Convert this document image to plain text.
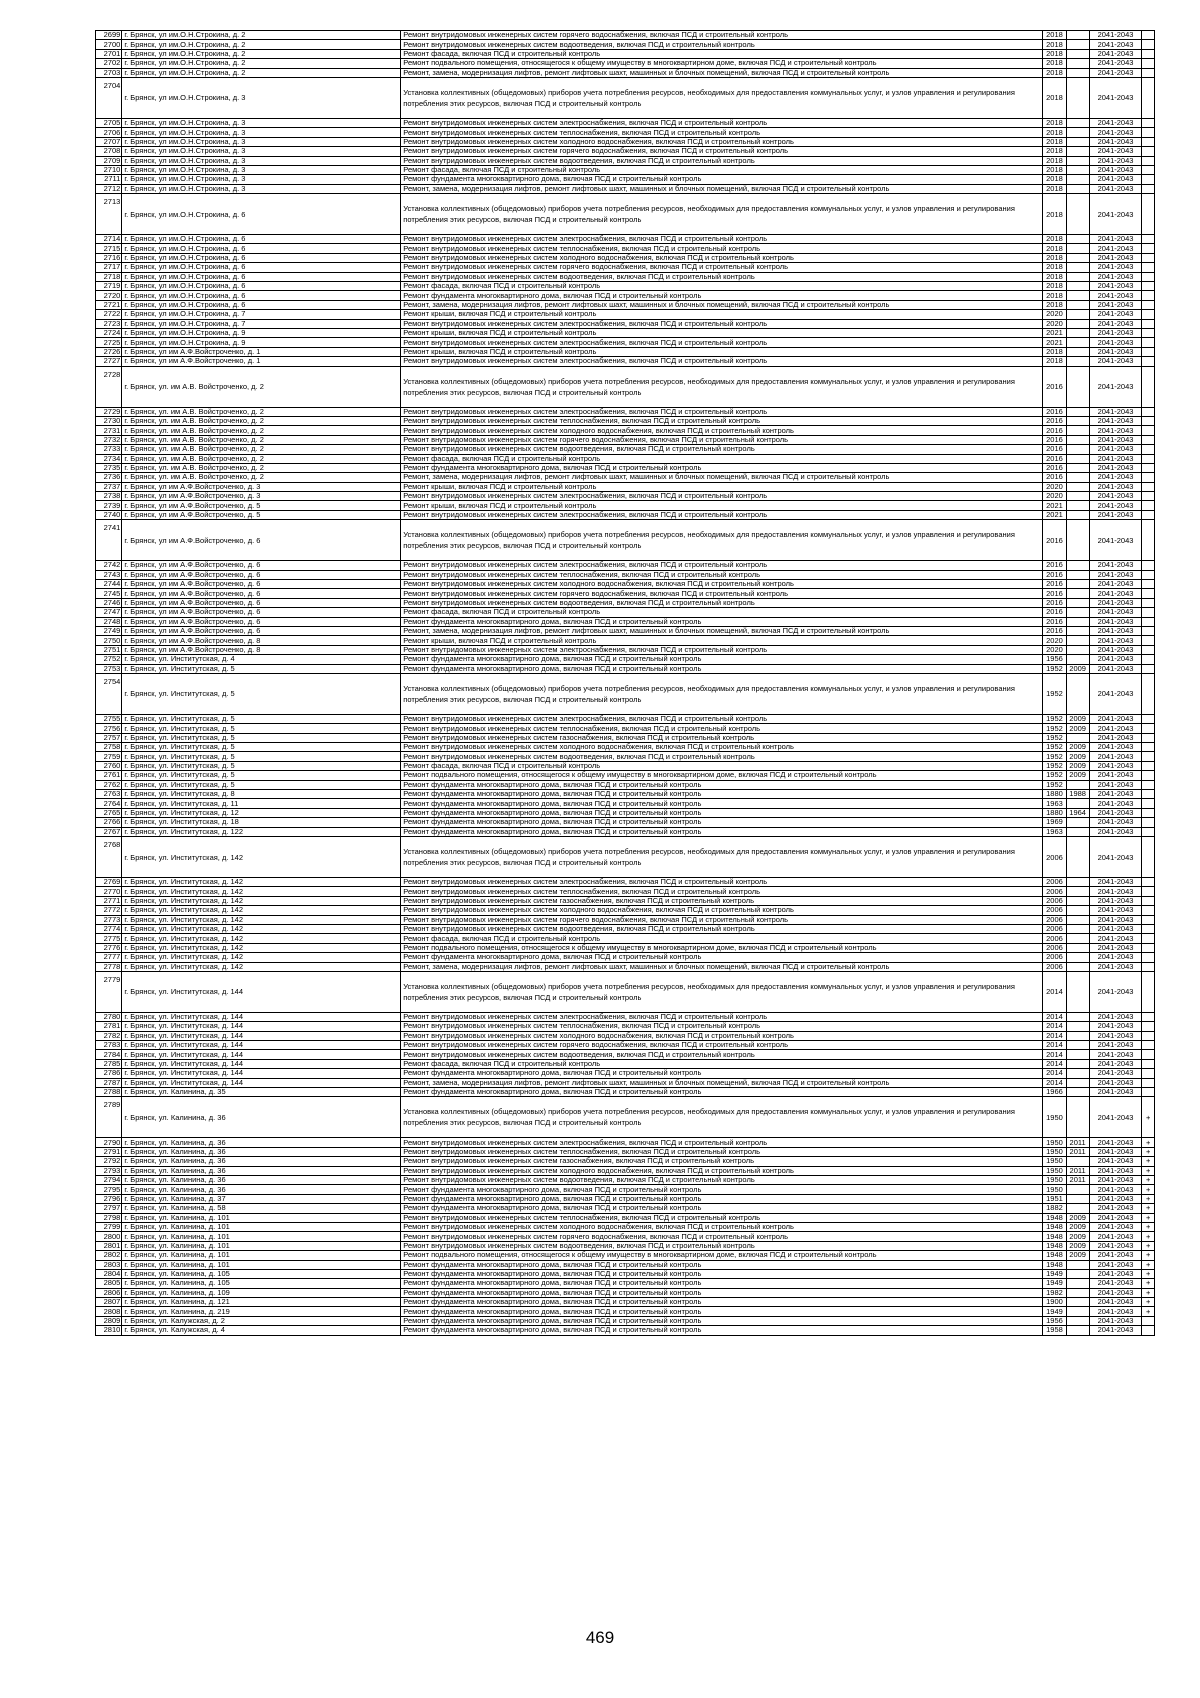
2699	г. Брянск, ул им.О.Н.Строкина, д. 2	Ремонт внутридомовых инженерных систем горячего водоснабжения, включая ПСД и строительный контроль	2018		2041-2043	
2700	г. Брянск, ул им.О.Н.Строкина, д. 2	Ремонт внутридомовых инженерных систем водоотведения, включая ПСД и строительный контроль	2018		2041-2043	
2701	г. Брянск, ул им.О.Н.Строкина, д. 2	Ремонт фасада, включая ПСД и строительный контроль	2018		2041-2043	
2702	г. Брянск, ул им.О.Н.Строкина, д. 2	Ремонт подвального помещения, относящегося к общему имуществу в многоквартирном доме, включая ПСД и строительный контроль	2018		2041-2043	
2703	г. Брянск, ул им.О.Н.Строкина, д. 2	Ремонт, замена, модернизация лифтов, ремонт лифтовых шахт, машинных и блочных помещений, включая ПСД и строительный контроль	2018		2041-2043	
2704	г. Брянск, ул им.О.Н.Строкина, д. 3	Установка коллективных (общедомовых) приборов учета потребления ресурсов, необходимых для предоставления коммунальных услуг, и узлов управления и регулирования потребления этих ресурсов, включая ПСД и строительный контроль	2018		2041-2043	
2705	г. Брянск, ул им.О.Н.Строкина, д. 3	Ремонт внутридомовых инженерных систем электроснабжения, включая ПСД и строительный контроль	2018		2041-2043	
2706	г. Брянск, ул им.О.Н.Строкина, д. 3	Ремонт внутридомовых инженерных систем теплоснабжения, включая ПСД и строительный контроль	2018		2041-2043	
2707	г. Брянск, ул им.О.Н.Строкина, д. 3	Ремонт внутридомовых инженерных систем холодного водоснабжения, включая ПСД и строительный контроль	2018		2041-2043	
2708	г. Брянск, ул им.О.Н.Строкина, д. 3	Ремонт внутридомовых инженерных систем горячего водоснабжения, включая ПСД и строительный контроль	2018		2041-2043	
2709	г. Брянск, ул им.О.Н.Строкина, д. 3	Ремонт внутридомовых инженерных систем водоотведения, включая ПСД и строительный контроль	2018		2041-2043	
2710	г. Брянск, ул им.О.Н.Строкина, д. 3	Ремонт фасада, включая ПСД и строительный контроль	2018		2041-2043	
2711	г. Брянск, ул им.О.Н.Строкина, д. 3	Ремонт фундамента многоквартирного дома, включая ПСД и строительный контроль	2018		2041-2043	
2712	г. Брянск, ул им.О.Н.Строкина, д. 3	Ремонт, замена, модернизация лифтов, ремонт лифтовых шахт, машинных и блочных помещений, включая ПСД и строительный контроль	2018		2041-2043	
2713	г. Брянск, ул им.О.Н.Строкина, д. 6	Установка коллективных (общедомовых) приборов учета потребления ресурсов, необходимых для предоставления коммунальных услуг, и узлов управления и регулирования потребления этих ресурсов, включая ПСД и строительный контроль	2018		2041-2043	
2714	г. Брянск, ул им.О.Н.Строкина, д. 6	Ремонт внутридомовых инженерных систем электроснабжения, включая ПСД и строительный контроль	2018		2041-2043	
2715	г. Брянск, ул им.О.Н.Строкина, д. 6	Ремонт внутридомовых инженерных систем теплоснабжения, включая ПСД и строительный контроль	2018		2041-2043	
2716	г. Брянск, ул им.О.Н.Строкина, д. 6	Ремонт внутридомовых инженерных систем холодного водоснабжения, включая ПСД и строительный контроль	2018		2041-2043	
2717	г. Брянск, ул им.О.Н.Строкина, д. 6	Ремонт внутридомовых инженерных систем горячего водоснабжения, включая ПСД и строительный контроль	2018		2041-2043	
2718	г. Брянск, ул им.О.Н.Строкина, д. 6	Ремонт внутридомовых инженерных систем водоотведения, включая ПСД и строительный контроль	2018		2041-2043	
2719	г. Брянск, ул им.О.Н.Строкина, д. 6	Ремонт фасада, включая ПСД и строительный контроль	2018		2041-2043	
2720	г. Брянск, ул им.О.Н.Строкина, д. 6	Ремонт фундамента многоквартирного дома, включая ПСД и строительный контроль	2018		2041-2043	
2721	г. Брянск, ул им.О.Н.Строкина, д. 6	Ремонт, замена, модернизация лифтов, ремонт лифтовых шахт, машинных и блочных помещений, включая ПСД и строительный контроль	2018		2041-2043	
2722	г. Брянск, ул им.О.Н.Строкина, д. 7	Ремонт крыши, включая ПСД и строительный контроль	2020		2041-2043	
2723	г. Брянск, ул им.О.Н.Строкина, д. 7	Ремонт внутридомовых инженерных систем электроснабжения, включая ПСД и строительный контроль	2020		2041-2043	
2724	г. Брянск, ул им.О.Н.Строкина, д. 9	Ремонт крыши, включая ПСД и строительный контроль	2021		2041-2043	
2725	г. Брянск, ул им.О.Н.Строкина, д. 9	Ремонт внутридомовых инженерных систем электроснабжения, включая ПСД и строительный контроль	2021		2041-2043	
2726	г. Брянск, ул им А.Ф.Войстроченко, д. 1	Ремонт крыши, включая ПСД и строительный контроль	2018		2041-2043	
2727	г. Брянск, ул им А.Ф.Войстроченко, д. 1	Ремонт внутридомовых инженерных систем электроснабжения, включая ПСД и строительный контроль	2018		2041-2043	
2728	г. Брянск, ул. им А.В. Войстроченко, д. 2	Установка коллективных (общедомовых) приборов учета потребления ресурсов, необходимых для предоставления коммунальных услуг, и узлов управления и регулирования потребления этих ресурсов, включая ПСД и строительный контроль	2016		2041-2043	
2729	г. Брянск, ул. им А.В. Войстроченко, д. 2	Ремонт внутридомовых инженерных систем электроснабжения, включая ПСД и строительный контроль	2016		2041-2043	
2730	г. Брянск, ул. им А.В. Войстроченко, д. 2	Ремонт внутридомовых инженерных систем теплоснабжения, включая ПСД и строительный контроль	2016		2041-2043	
2731	г. Брянск, ул. им А.В. Войстроченко, д. 2	Ремонт внутридомовых инженерных систем холодного водоснабжения, включая ПСД и строительный контроль	2016		2041-2043	
2732	г. Брянск, ул. им А.В. Войстроченко, д. 2	Ремонт внутридомовых инженерных систем горячего водоснабжения, включая ПСД и строительный контроль	2016		2041-2043	
2733	г. Брянск, ул. им А.В. Войстроченко, д. 2	Ремонт внутридомовых инженерных систем водоотведения, включая ПСД и строительный контроль	2016		2041-2043	
2734	г. Брянск, ул. им А.В. Войстроченко, д. 2	Ремонт фасада, включая ПСД и строительный контроль	2016		2041-2043	
2735	г. Брянск, ул. им А.В. Войстроченко, д. 2	Ремонт фундамента многоквартирного дома, включая ПСД и строительный контроль	2016		2041-2043	
2736	г. Брянск, ул. им А.В. Войстроченко, д. 2	Ремонт, замена, модернизация лифтов, ремонт лифтовых шахт, машинных и блочных помещений, включая ПСД и строительный контроль	2016		2041-2043	
2737	г. Брянск, ул им А.Ф.Войстроченко, д. 3	Ремонт крыши, включая ПСД и строительный контроль	2020		2041-2043	
2738	г. Брянск, ул им А.Ф.Войстроченко, д. 3	Ремонт внутридомовых инженерных систем электроснабжения, включая ПСД и строительный контроль	2020		2041-2043	
2739	г. Брянск, ул им А.Ф.Войстроченко, д. 5	Ремонт крыши, включая ПСД и строительный контроль	2021		2041-2043	
2740	г. Брянск, ул им А.Ф.Войстроченко, д. 5	Ремонт внутридомовых инженерных систем электроснабжения, включая ПСД и строительный контроль	2021		2041-2043	
2741	г. Брянск, ул им А.Ф.Войстроченко, д. 6	Установка коллективных (общедомовых) приборов учета потребления ресурсов, необходимых для предоставления коммунальных услуг, и узлов управления и регулирования потребления этих ресурсов, включая ПСД и строительный контроль	2016		2041-2043	
2742	г. Брянск, ул им А.Ф.Войстроченко, д. 6	Ремонт внутридомовых инженерных систем электроснабжения, включая ПСД и строительный контроль	2016		2041-2043	
2743	г. Брянск, ул им А.Ф.Войстроченко, д. 6	Ремонт внутридомовых инженерных систем теплоснабжения, включая ПСД и строительный контроль	2016		2041-2043	
2744	г. Брянск, ул им А.Ф.Войстроченко, д. 6	Ремонт внутридомовых инженерных систем холодного водоснабжения, включая ПСД и строительный контроль	2016		2041-2043	
2745	г. Брянск, ул им А.Ф.Войстроченко, д. 6	Ремонт внутридомовых инженерных систем горячего водоснабжения, включая ПСД и строительный контроль	2016		2041-2043	
2746	г. Брянск, ул им А.Ф.Войстроченко, д. 6	Ремонт внутридомовых инженерных систем водоотведения, включая ПСД и строительный контроль	2016		2041-2043	
2747	г. Брянск, ул им А.Ф.Войстроченко, д. 6	Ремонт фасада, включая ПСД и строительный контроль	2016		2041-2043	
2748	г. Брянск, ул им А.Ф.Войстроченко, д. 6	Ремонт фундамента многоквартирного дома, включая ПСД и строительный контроль	2016		2041-2043	
2749	г. Брянск, ул им А.Ф.Войстроченко, д. 6	Ремонт, замена, модернизация лифтов, ремонт лифтовых шахт, машинных и блочных помещений, включая ПСД и строительный контроль	2016		2041-2043	
2750	г. Брянск, ул им А.Ф.Войстроченко, д. 8	Ремонт крыши, включая ПСД и строительный контроль	2020		2041-2043	
2751	г. Брянск, ул им А.Ф.Войстроченко, д. 8	Ремонт внутридомовых инженерных систем электроснабжения, включая ПСД и строительный контроль	2020		2041-2043	
2752	г. Брянск, ул. Институтская, д. 4	Ремонт фундамента многоквартирного дома, включая ПСД и строительный контроль	1956		2041-2043	
2753	г. Брянск, ул. Институтская, д. 5	Ремонт фундамента многоквартирного дома, включая ПСД и строительный контроль	1952	2009	2041-2043	
2754	г. Брянск, ул. Институтская, д. 5	Установка коллективных (общедомовых) приборов учета потребления ресурсов, необходимых для предоставления коммунальных услуг, и узлов управления и регулирования потребления этих ресурсов, включая ПСД и строительный контроль	1952		2041-2043	
2755	г. Брянск, ул. Институтская, д. 5	Ремонт внутридомовых инженерных систем электроснабжения, включая ПСД и строительный контроль	1952	2009	2041-2043	
2756	г. Брянск, ул. Институтская, д. 5	Ремонт внутридомовых инженерных систем теплоснабжения, включая ПСД и строительный контроль	1952	2009	2041-2043	
2757	г. Брянск, ул. Институтская, д. 5	Ремонт внутридомовых инженерных систем газоснабжения, включая ПСД и строительный контроль	1952		2041-2043	
2758	г. Брянск, ул. Институтская, д. 5	Ремонт внутридомовых инженерных систем холодного водоснабжения, включая ПСД и строительный контроль	1952	2009	2041-2043	
2759	г. Брянск, ул. Институтская, д. 5	Ремонт внутридомовых инженерных систем водоотведения, включая ПСД и строительный контроль	1952	2009	2041-2043	
2760	г. Брянск, ул. Институтская, д. 5	Ремонт фасада, включая ПСД и строительный контроль	1952	2009	2041-2043	
2761	г. Брянск, ул. Институтская, д. 5	Ремонт подвального помещения, относящегося к общему имуществу в многоквартирном доме, включая ПСД и строительный контроль	1952	2009	2041-2043	
2762	г. Брянск, ул. Институтская, д. 5	Ремонт фундамента многоквартирного дома, включая ПСД и строительный контроль	1952		2041-2043	
2763	г. Брянск, ул. Институтская, д. 8	Ремонт фундамента многоквартирного дома, включая ПСД и строительный контроль	1880	1988	2041-2043	
2764	г. Брянск, ул. Институтская, д. 11	Ремонт фундамента многоквартирного дома, включая ПСД и строительный контроль	1963		2041-2043	
2765	г. Брянск, ул. Институтская, д. 12	Ремонт фундамента многоквартирного дома, включая ПСД и строительный контроль	1880	1964	2041-2043	
2766	г. Брянск, ул. Институтская, д. 18	Ремонт фундамента многоквартирного дома, включая ПСД и строительный контроль	1969		2041-2043	
2767	г. Брянск, ул. Институтская, д. 122	Ремонт фундамента многоквартирного дома, включая ПСД и строительный контроль	1963		2041-2043	
2768	г. Брянск, ул. Институтская, д. 142	Установка коллективных (общедомовых) приборов учета потребления ресурсов, необходимых для предоставления коммунальных услуг, и узлов управления и регулирования потребления этих ресурсов, включая ПСД и строительный контроль	2006		2041-2043	
2769	г. Брянск, ул. Институтская, д. 142	Ремонт внутридомовых инженерных систем электроснабжения, включая ПСД и строительный контроль	2006		2041-2043	
2770	г. Брянск, ул. Институтская, д. 142	Ремонт внутридомовых инженерных систем теплоснабжения, включая ПСД и строительный контроль	2006		2041-2043	
2771	г. Брянск, ул. Институтская, д. 142	Ремонт внутридомовых инженерных систем газоснабжения, включая ПСД и строительный контроль	2006		2041-2043	
2772	г. Брянск, ул. Институтская, д. 142	Ремонт внутридомовых инженерных систем холодного водоснабжения, включая ПСД и строительный контроль	2006		2041-2043	
2773	г. Брянск, ул. Институтская, д. 142	Ремонт внутридомовых инженерных систем горячего водоснабжения, включая ПСД и строительный контроль	2006		2041-2043	
2774	г. Брянск, ул. Институтская, д. 142	Ремонт внутридомовых инженерных систем водоотведения, включая ПСД и строительный контроль	2006		2041-2043	
2775	г. Брянск, ул. Институтская, д. 142	Ремонт фасада, включая ПСД и строительный контроль	2006		2041-2043	
2776	г. Брянск, ул. Институтская, д. 142	Ремонт подвального помещения, относящегося к общему имуществу в многоквартирном доме, включая ПСД и строительный контроль	2006		2041-2043	
2777	г. Брянск, ул. Институтская, д. 142	Ремонт фундамента многоквартирного дома, включая ПСД и строительный контроль	2006		2041-2043	
2778	г. Брянск, ул. Институтская, д. 142	Ремонт, замена, модернизация лифтов, ремонт лифтовых шахт, машинных и блочных помещений, включая ПСД и строительный контроль	2006		2041-2043	
2779	г. Брянск, ул. Институтская, д. 144	Установка коллективных (общедомовых) приборов учета потребления ресурсов, необходимых для предоставления коммунальных услуг, и узлов управления и регулирования потребления этих ресурсов, включая ПСД и строительный контроль	2014		2041-2043	
2780	г. Брянск, ул. Институтская, д. 144	Ремонт внутридомовых инженерных систем электроснабжения, включая ПСД и строительный контроль	2014		2041-2043	
2781	г. Брянск, ул. Институтская, д. 144	Ремонт внутридомовых инженерных систем теплоснабжения, включая ПСД и строительный контроль	2014		2041-2043	
2782	г. Брянск, ул. Институтская, д. 144	Ремонт внутридомовых инженерных систем холодного водоснабжения, включая ПСД и строительный контроль	2014		2041-2043	
2783	г. Брянск, ул. Институтская, д. 144	Ремонт внутридомовых инженерных систем горячего водоснабжения, включая ПСД и строительный контроль	2014		2041-2043	
2784	г. Брянск, ул. Институтская, д. 144	Ремонт внутридомовых инженерных систем водоотведения, включая ПСД и строительный контроль	2014		2041-2043	
2785	г. Брянск, ул. Институтская, д. 144	Ремонт фасада, включая ПСД и строительный контроль	2014		2041-2043	
2786	г. Брянск, ул. Институтская, д. 144	Ремонт фундамента многоквартирного дома, включая ПСД и строительный контроль	2014		2041-2043	
2787	г. Брянск, ул. Институтская, д. 144	Ремонт, замена, модернизация лифтов, ремонт лифтовых шахт, машинных и блочных помещений, включая ПСД и строительный контроль	2014		2041-2043	
2788	г. Брянск, ул. Калинина, д. 35	Ремонт фундамента многоквартирного дома, включая ПСД и строительный контроль	1966		2041-2043	
2789	г. Брянск, ул. Калинина, д. 36	Установка коллективных (общедомовых) приборов учета потребления ресурсов, необходимых для предоставления коммунальных услуг, и узлов управления и регулирования потребления этих ресурсов, включая ПСД и строительный контроль	1950		2041-2043	+
2790	г. Брянск, ул. Калинина, д. 36	Ремонт внутридомовых инженерных систем электроснабжения, включая ПСД и строительный контроль	1950	2011	2041-2043	+
2791	г. Брянск, ул. Калинина, д. 36	Ремонт внутридомовых инженерных систем теплоснабжения, включая ПСД и строительный контроль	1950	2011	2041-2043	+
2792	г. Брянск, ул. Калинина, д. 36	Ремонт внутридомовых инженерных систем газоснабжения, включая ПСД и строительный контроль	1950		2041-2043	+
2793	г. Брянск, ул. Калинина, д. 36	Ремонт внутридомовых инженерных систем холодного водоснабжения, включая ПСД и строительный контроль	1950	2011	2041-2043	+
2794	г. Брянск, ул. Калинина, д. 36	Ремонт внутридомовых инженерных систем водоотведения, включая ПСД и строительный контроль	1950	2011	2041-2043	+
2795	г. Брянск, ул. Калинина, д. 36	Ремонт фундамента многоквартирного дома, включая ПСД и строительный контроль	1950		2041-2043	+
2796	г. Брянск, ул. Калинина, д. 37	Ремонт фундамента многоквартирного дома, включая ПСД и строительный контроль	1951		2041-2043	+
2797	г. Брянск, ул. Калинина, д. 58	Ремонт фундамента многоквартирного дома, включая ПСД и строительный контроль	1882		2041-2043	+
2798	г. Брянск, ул. Калинина, д. 101	Ремонт внутридомовых инженерных систем теплоснабжения, включая ПСД и строительный контроль	1948	2009	2041-2043	+
2799	г. Брянск, ул. Калинина, д. 101	Ремонт внутридомовых инженерных систем холодного водоснабжения, включая ПСД и строительный контроль	1948	2009	2041-2043	+
2800	г. Брянск, ул. Калинина, д. 101	Ремонт внутридомовых инженерных систем горячего водоснабжения, включая ПСД и строительный контроль	1948	2009	2041-2043	+
2801	г. Брянск, ул. Калинина, д. 101	Ремонт внутридомовых инженерных систем водоотведения, включая ПСД и строительный контроль	1948	2009	2041-2043	+
2802	г. Брянск, ул. Калинина, д. 101	Ремонт подвального помещения, относящегося к общему имуществу в многоквартирном доме, включая ПСД и строительный контроль	1948	2009	2041-2043	+
2803	г. Брянск, ул. Калинина, д. 101	Ремонт фундамента многоквартирного дома, включая ПСД и строительный контроль	1948		2041-2043	+
2804	г. Брянск, ул. Калинина, д. 105	Ремонт фундамента многоквартирного дома, включая ПСД и строительный контроль	1949		2041-2043	+
2805	г. Брянск, ул. Калинина, д. 105	Ремонт фундамента многоквартирного дома, включая ПСД и строительный контроль	1949		2041-2043	+
2806	г. Брянск, ул. Калинина, д. 109	Ремонт фундамента многоквартирного дома, включая ПСД и строительный контроль	1982		2041-2043	+
2807	г. Брянск, ул. Калинина, д. 121	Ремонт фундамента многоквартирного дома, включая ПСД и строительный контроль	1900		2041-2043	+
2808	г. Брянск, ул. Калинина, д. 219	Ремонт фундамента многоквартирного дома, включая ПСД и строительный контроль	1949		2041-2043	+
2809	г. Брянск, ул. Калужская, д. 2	Ремонт фундамента многоквартирного дома, включая ПСД и строительный контроль	1956		2041-2043	
2810	г. Брянск, ул. Калужская, д. 4	Ремонт фундамента многоквартирного дома, включая ПСД и строительный контроль	1958		2041-2043	
469
